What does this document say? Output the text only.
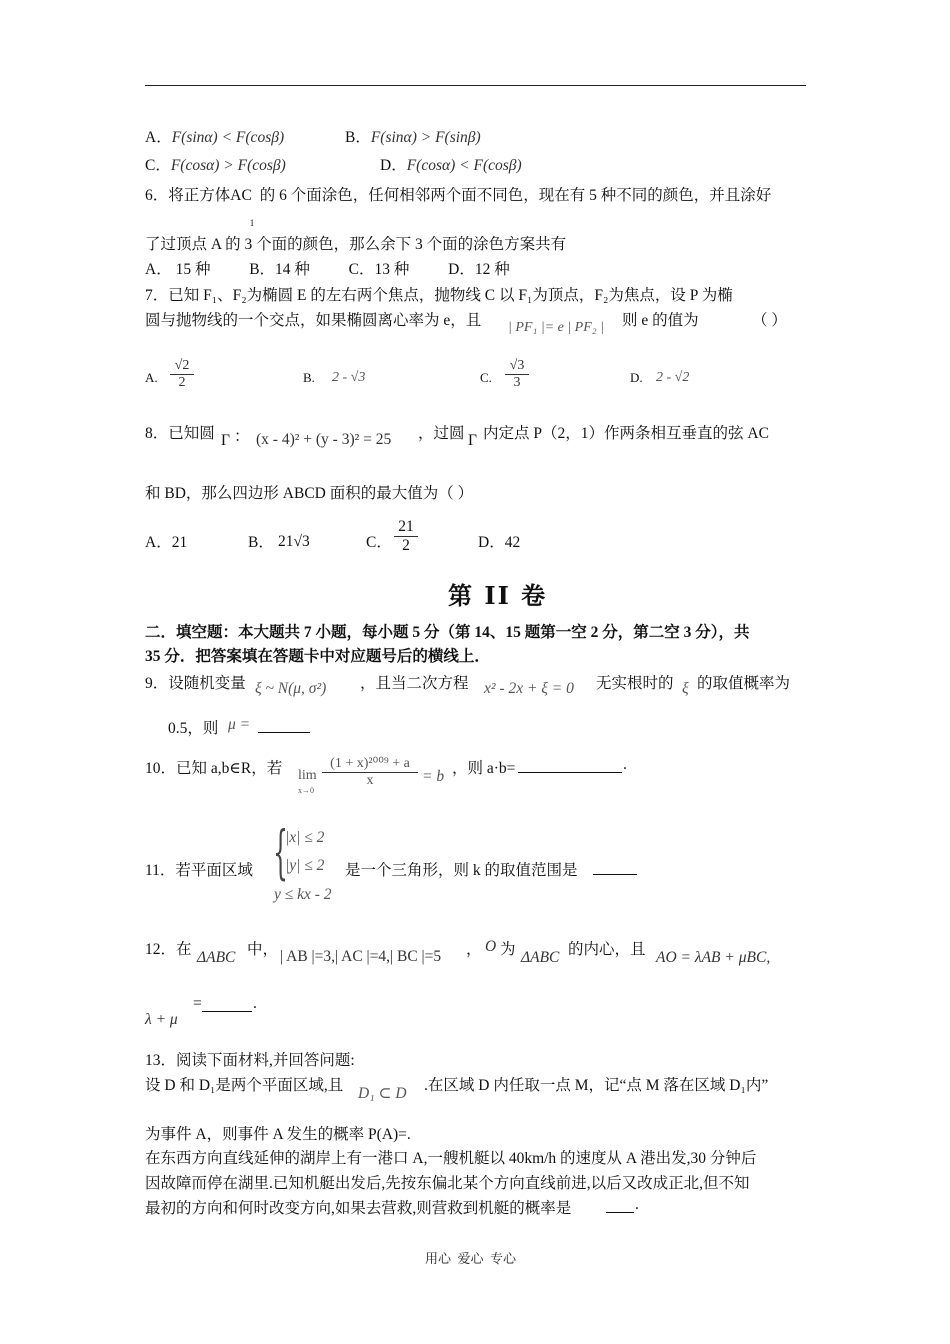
A．F(sinα) < F(cosβ)	B．F(sinα) > F(sinβ)
C．F(cosα) > F(cosβ)	D．F(cosα) < F(cosβ)
6．将正方体AC
1
的 6 个面涂色，任何相邻两个面不同色，现在有 5 种不同的颜色，并且涂好
了过顶点 A 的 3 个面的颜色，那么余下 3 个面的涂色方案共有
A． 15 种          B．14 种          C．13 种          D．12 种
7．已知 F₁、F₂为椭圆 E 的左右两个焦点，抛物线 C 以 F₁为顶点，F₂为焦点，设 P 为椭
圆与抛物线的一个交点，如果椭圆离心率为 e，且 | PF₁ |= e | PF₂ | 则 e 的值为	（ ）
A. $\frac{√2}{2}$	B. 2 - √3	C. $\frac{√3}{3}$	D. 2 - √2
8．已知圆 Γ ： (x - 4)² + (y - 3)² = 25 ，过圆 Γ 内定点 P（2，1）作两条相互垂直的弦 AC
和 BD，那么四边形 ABCD 面积的最大值为（ ）
A．21	B． 21√3	C． $\frac{21}{2}$	D．42
第 II 卷
二．填空题：本大题共 7 小题，每小题 5 分（第 14、15 题第一空 2 分，第二空 3 分），共
35 分．把答案填在答题卡中对应题号后的横线上．
9．设随机变量 ξ ~ N(μ, σ²) ，且当二次方程 x² - 2x + ξ = 0 无实根时的 ξ 的取值概率为
0.5，则 μ =
10．已知 a,b∈R，若 lim
x→0
$\frac{\text{(1 + x)²⁰⁰⁹ + a}}{x} = b$ ，则 a·b=	.
11．若平面区域 {
|x| ≤ 2
|y| ≤ 2
y ≤ kx - 2
是一个三角形，则 k 的取值范围是
12．在 ΔABC 中， | AB |=3,| AC |=4,| BC |=5 ， O 为 ΔABC 的内心，且 AO = λAB + μBC,
λ + μ
=	.
13．阅读下面材料,并回答问题:
设 D 和 D₁是两个平面区域,且 D₁ ⊂ D .在区域 D 内任取一点 M，记“点 M 落在区域 D₁内”
为事件 A，则事件 A 发生的概率 P(A)=.
在东西方向直线延伸的湖岸上有一港口 A,一艘机艇以 40km/h 的速度从 A 港出发,30 分钟后
因故障而停在湖里.已知机艇出发后,先按东偏北某个方向直线前进,以后又改成正北,但不知
最初的方向和何时改变方向,如果去营救,则营救到机艇的概率是	.
用心  爱心  专心
